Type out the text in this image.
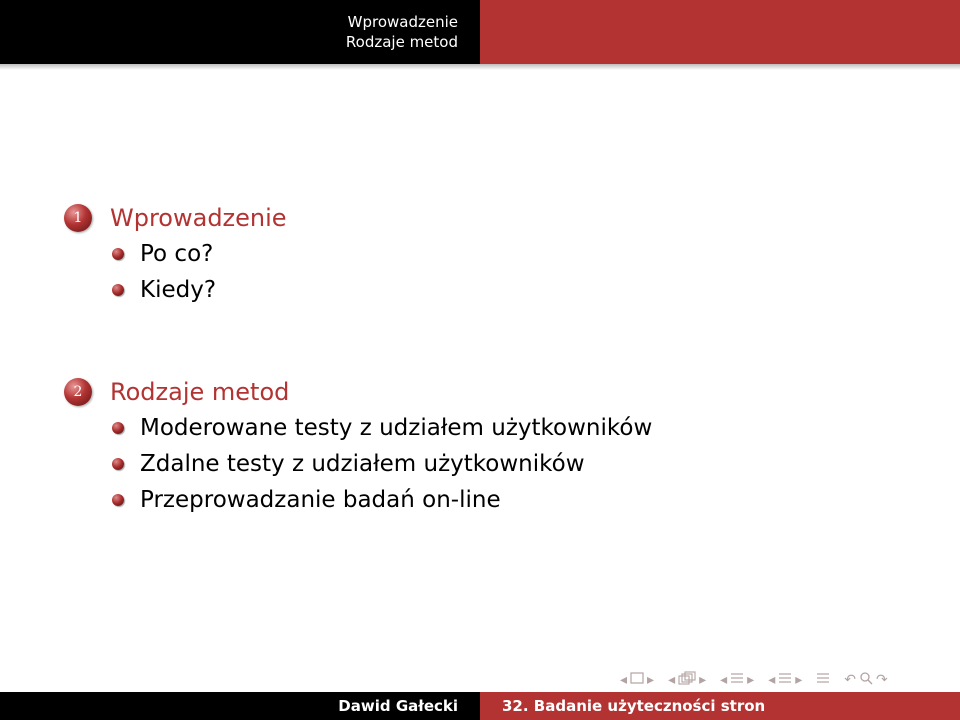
Wprowadzenie
Rodzaje metod
1	Wprowadzenie
Po co?
Kiedy?
2	Rodzaje metod
Moderowane testy z udziałem użytkowników
Zdalne testy z udziałem użytkowników
Przeprowadzanie badań on-line
◂ ▸ ◂ ▸ ◂ ▸ ◂ ▸	↶ ↷
Dawid Gałecki	32. Badanie użyteczności stron
